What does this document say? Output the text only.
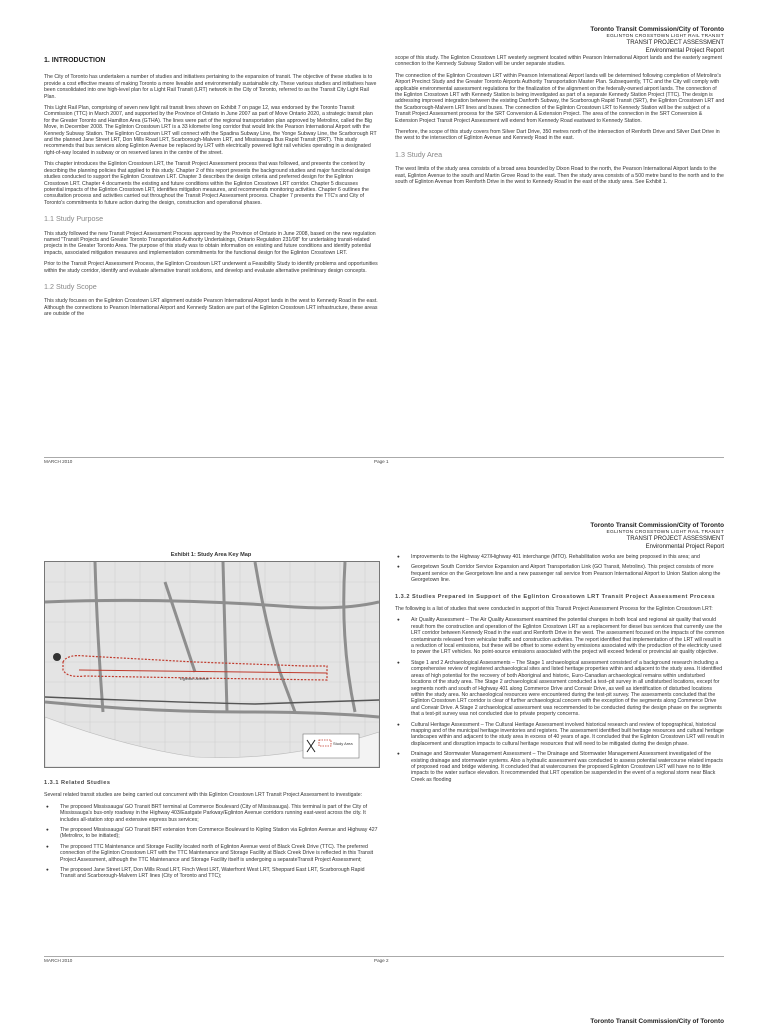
Toronto Transit Commission/City of Toronto
EGLINTON CROSSTOWN LIGHT RAIL TRANSIT
TRANSIT PROJECT ASSESSMENT
Environmental Project Report
1. INTRODUCTION

The City of Toronto has undertaken a number of studies and initiatives pertaining to the expansion of transit. The objective of these studies is to provide a cost effective means of making Toronto a more liveable and environmentally sustainable city. These various studies and initiatives have been consolidated into one high-level plan for a Light Rail Transit (LRT) network in the City of Toronto, referred to as the Transit City Light Rail Plan.

This Light Rail Plan, comprising of seven new light rail transit lines shown on Exhibit 7 on page 12, was endorsed by the Toronto Transit Commission (TTC) in March 2007, and supported by the Province of Ontario in June 2007 as part of Move Ontario 2020, a strategic transit plan for the Greater Toronto and Hamilton Area (GTHA). The lines were part of the regional transportation plan approved by Metrolinx, called the Big Move, in December 2008. The Eglinton Crosstown LRT is a 33 kilometre long corridor that would link the Pearson International Airport with the Kennedy Subway Station. The Eglinton Crosstown LRT will connect with the Spadina Subway Line, the Yonge Subway Line, the Scarborough RT and the planned Jane Street LRT, Don Mills Road LRT, Scarborough-Malvern LRT, and Mississauga Bus Rapid Transit (BRT). This study recommends that bus services along Eglinton Avenue be replaced by LRT with electrically powered light rail vehicles operating in a designated right-of-way located in subway or on reserved lanes in the centre of the street.

This chapter introduces the Eglinton Crosstown LRT, the Transit Project Assessment process that was followed, and presents the context by describing the planning policies that applied to this study. Chapter 2 of this report presents the background studies and major functional design studies conducted to support the Eglinton Crosstown LRT. Chapter 3 describes the design criteria and preferred design for the Eglinton Crosstown LRT. Chapter 4 documents the existing and future conditions within the Eglinton Crosstown LRT corridor. Chapter 5 discusses potential impacts of the Eglinton Crosstown LRT, identifies mitigation measures, and recommends monitoring activities. Chapter 6 outlines the consultation process and activities carried out throughout the Transit Project Assessment process. Chapter 7 presents the TTC's and City of Toronto's commitments to future action during the design, construction and operational phases.

1.1 Study Purpose

This study followed the new Transit Project Assessment Process approved by the Province of Ontario in June 2008, based on the new regulation named "Transit Projects and Greater Toronto Transportation Authority Undertakings, Ontario Regulation 231/08" for undertaking transit-related projects in the Greater Toronto Area. The purpose of this study was to obtain information on existing and future conditions and identify potential impacts, associated mitigation measures and implementation commitments for the functional design for the Eglinton Crosstown LRT.

Prior to the Transit Project Assessment Process, the Eglinton Crosstown LRT underwent a Feasibility Study to identify problems and opportunities within the study corridor, identify and evaluate alternative transit solutions, and develop and evaluate alternative preliminary design concepts.

1.2 Study Scope

This study focuses on the Eglinton Crosstown LRT alignment outside Pearson International Airport lands in the west to Kennedy Road in the east. Although the connections to Pearson International Airport and Kennedy Station are part of the Eglinton Crosstown LRT infrastructure, these areas are outside of the

scope of this study. The Eglinton Crosstown LRT westerly segment located within Pearson International Airport lands and the easterly segment connection to the Kennedy Subway Station will be under separate studies.

The connection of the Eglinton Crosstown LRT within Pearson International Airport lands will be determined following completion of Metrolinx's Airport Precinct Study and the Greater Toronto Airports Authority Transportation Master Plan. Subsequently, TTC and the City will comply with applicable environmental assessment regulations for the finalization of the alignment on the federally-owned airport lands. The connection of the Eglinton Crosstown LRT with Kennedy Station is being investigated as part of a separate Kennedy Station Project (TTC). The design is addressing improved integration between the existing Danforth Subway, the Scarborough Rapid Transit (SRT), the Eglinton Crosstown LRT and the Scarborough-Malvern LRT lines and buses. The connection of the Eglinton Crosstown LRT to Kennedy Station will be the subject of a Transit Project Assessment process for the SRT Conversion & Extension Project. The area of the connection in the SRT Conversion & Extension Project Transit Project Assessment will extend from Kennedy Road eastward to Kennedy Station.

Therefore, the scope of this study covers from Silver Dart Drive, 350 metres north of the intersection of Renforth Drive and Silver Dart Drive in the west to the intersection of Eglinton Avenue and Kennedy Road in the east.

1.3 Study Area

The west limits of the study area consists of a broad area bounded by Dixon Road to the north, the Pearson International Airport lands to the east, Eglinton Avenue to the south and Martin Grove Road to the east. Then the study area consists of a 500 metre band to the north and to the south of Eglinton Avenue from Renforth Drive in the west to Kennedy Road in the east of the study area. See Exhibit 1.

MARCH 2010	Page 1
Toronto Transit Commission/City of Toronto
EGLINTON CROSSTOWN LIGHT RAIL TRANSIT
TRANSIT PROJECT ASSESSMENT
Environmental Project Report
Exhibit 1: Study Area Key Map
Eglinton Avenue
Study Area
1.3.1 Related Studies

Several related transit studies are being carried out concurrent with this Eglinton Crosstown LRT Transit Project Assessment to investigate:

● The proposed Mississauga/ GO Transit BRT terminal at Commerce Boulevard (City of Mississauga). This terminal is part of the City of Mississauga's bus-only roadway in the Highway 403/Eastgate Parkway/Eglinton Avenue corridors running east-west across the city. It includes all-station stop and extensive express bus services;
● The proposed Mississauga/ GO Transit BRT extension from Commerce Boulevard to Kipling Station via Eglinton Avenue and Highway 427 (Metrolinx, to be initiated);
● The proposed TTC Maintenance and Storage Facility located north of Eglinton Avenue west of Black Creek Drive (TTC). The preferred connection of the Eglinton Crosstown LRT with the TTC Maintenance and Storage Facility at Black Creek Drive is reflected in this Transit Project Assessment, although the TTC Maintenance and Storage Facility itself is undergoing a separateTransit Project Assessment;
● The proposed Jane Street LRT, Don Mills Road LRT, Finch West LRT, Waterfront West LRT, Sheppard East LRT, Scarborough Rapid Transit and Scarborough-Malvern LRT lines (City of Toronto and TTC);
● Improvements to the Highway 427/Highway 401 interchange (MTO). Rehabilitation works are being proposed in this area; and
● Georgetown South Corridor Service Expansion and Airport Transportation Link (GO Transit, Metrolinx). This project consists of more frequent service on the Georgetown line and a new passenger rail service from Pearson International Airport to Union Station along the Georgetown line.
1.3.2 Studies Prepared in Support of the Eglinton Crosstown LRT Transit Project Assessment Process

The following is a list of studies that were conducted in support of this Transit Project Assessment Process for the Eglinton Crosstown LRT:

● Air Quality Assessment – The Air Quality Assessment examined the potential changes in both local and regional air quality that would result from the construction and operation of the Eglinton Crosstown LRT as a replacement for diesel bus services that currently use the LRT corridor between Kennedy Road in the east and Renforth Drive in the west. The assessment focused on the impacts of the common contaminants released from vehicular traffic and construction activities. The report identified that implementation of the LRT will result in a reduction of local emissions, but these will be offset to some extent by emissions associated with the production of the electricity used to power the LRT vehicles. No point-source emissions associated with the project will exceed federal or provincial air quality objective.
● Stage 1 and 2 Archaeological Assessments – The Stage 1 archaeological assessment consisted of a background research including a comprehensive review of registered archaeological sites and listed heritage properties within and adjacent to the study area. It identified areas of high potential for the recovery of both Aboriginal and historic, Euro-Canadian archaeological remains within undisturbed locations of the study area. The Stage 2 archaeological assessment conducted a test–pit survey in all undisturbed locations, except for segments north and south of Highway 401 along Commerce Drive and Convair Drive, as well as identification of disturbed locations within the study area. No archaeological resources were encountered during the test-pit survey. The assessments concluded that the Eglinton Crosstown LRT corridor is clear of further archaeological concern with the exception of the segments along Commerce Drive and Convair Drive. A Stage 2 archaeological assessment was recommended to be conducted during the design phase on the segments that a test-pit survey was not conducted due to private property concerns.
● Cultural Heritage Assessment – The Cultural Heritage Assessment involved historical research and review of topographical, historical mapping and of the municipal heritage inventories and registers. The assessment identified built heritage resources and cultural heritage landscapes within and adjacent to the study area in excess of 40 years of age. It concluded that the Eglinton Crosstown LRT will result in displacement and disruption impacts to cultural heritage resources that will need to be mitigated during the design phase.
● Drainage and Stormwater Management Assessment – The Drainage and Stormwater Management Assessment investigated of the existing drainage and stormwater systems. Also a hydraulic assessment was conducted to assess potential watercourse related impacts of proposed road and bridge widening. It concluded that at watercourses the proposed Eglinton Crosstown LRT will have no to little impacts to the water surface elevation. It recommended that LRT operation be suspended in the event of a regional storm near Black Creek as flooding
MARCH 2010	Page 2
Toronto Transit Commission/City of Toronto
